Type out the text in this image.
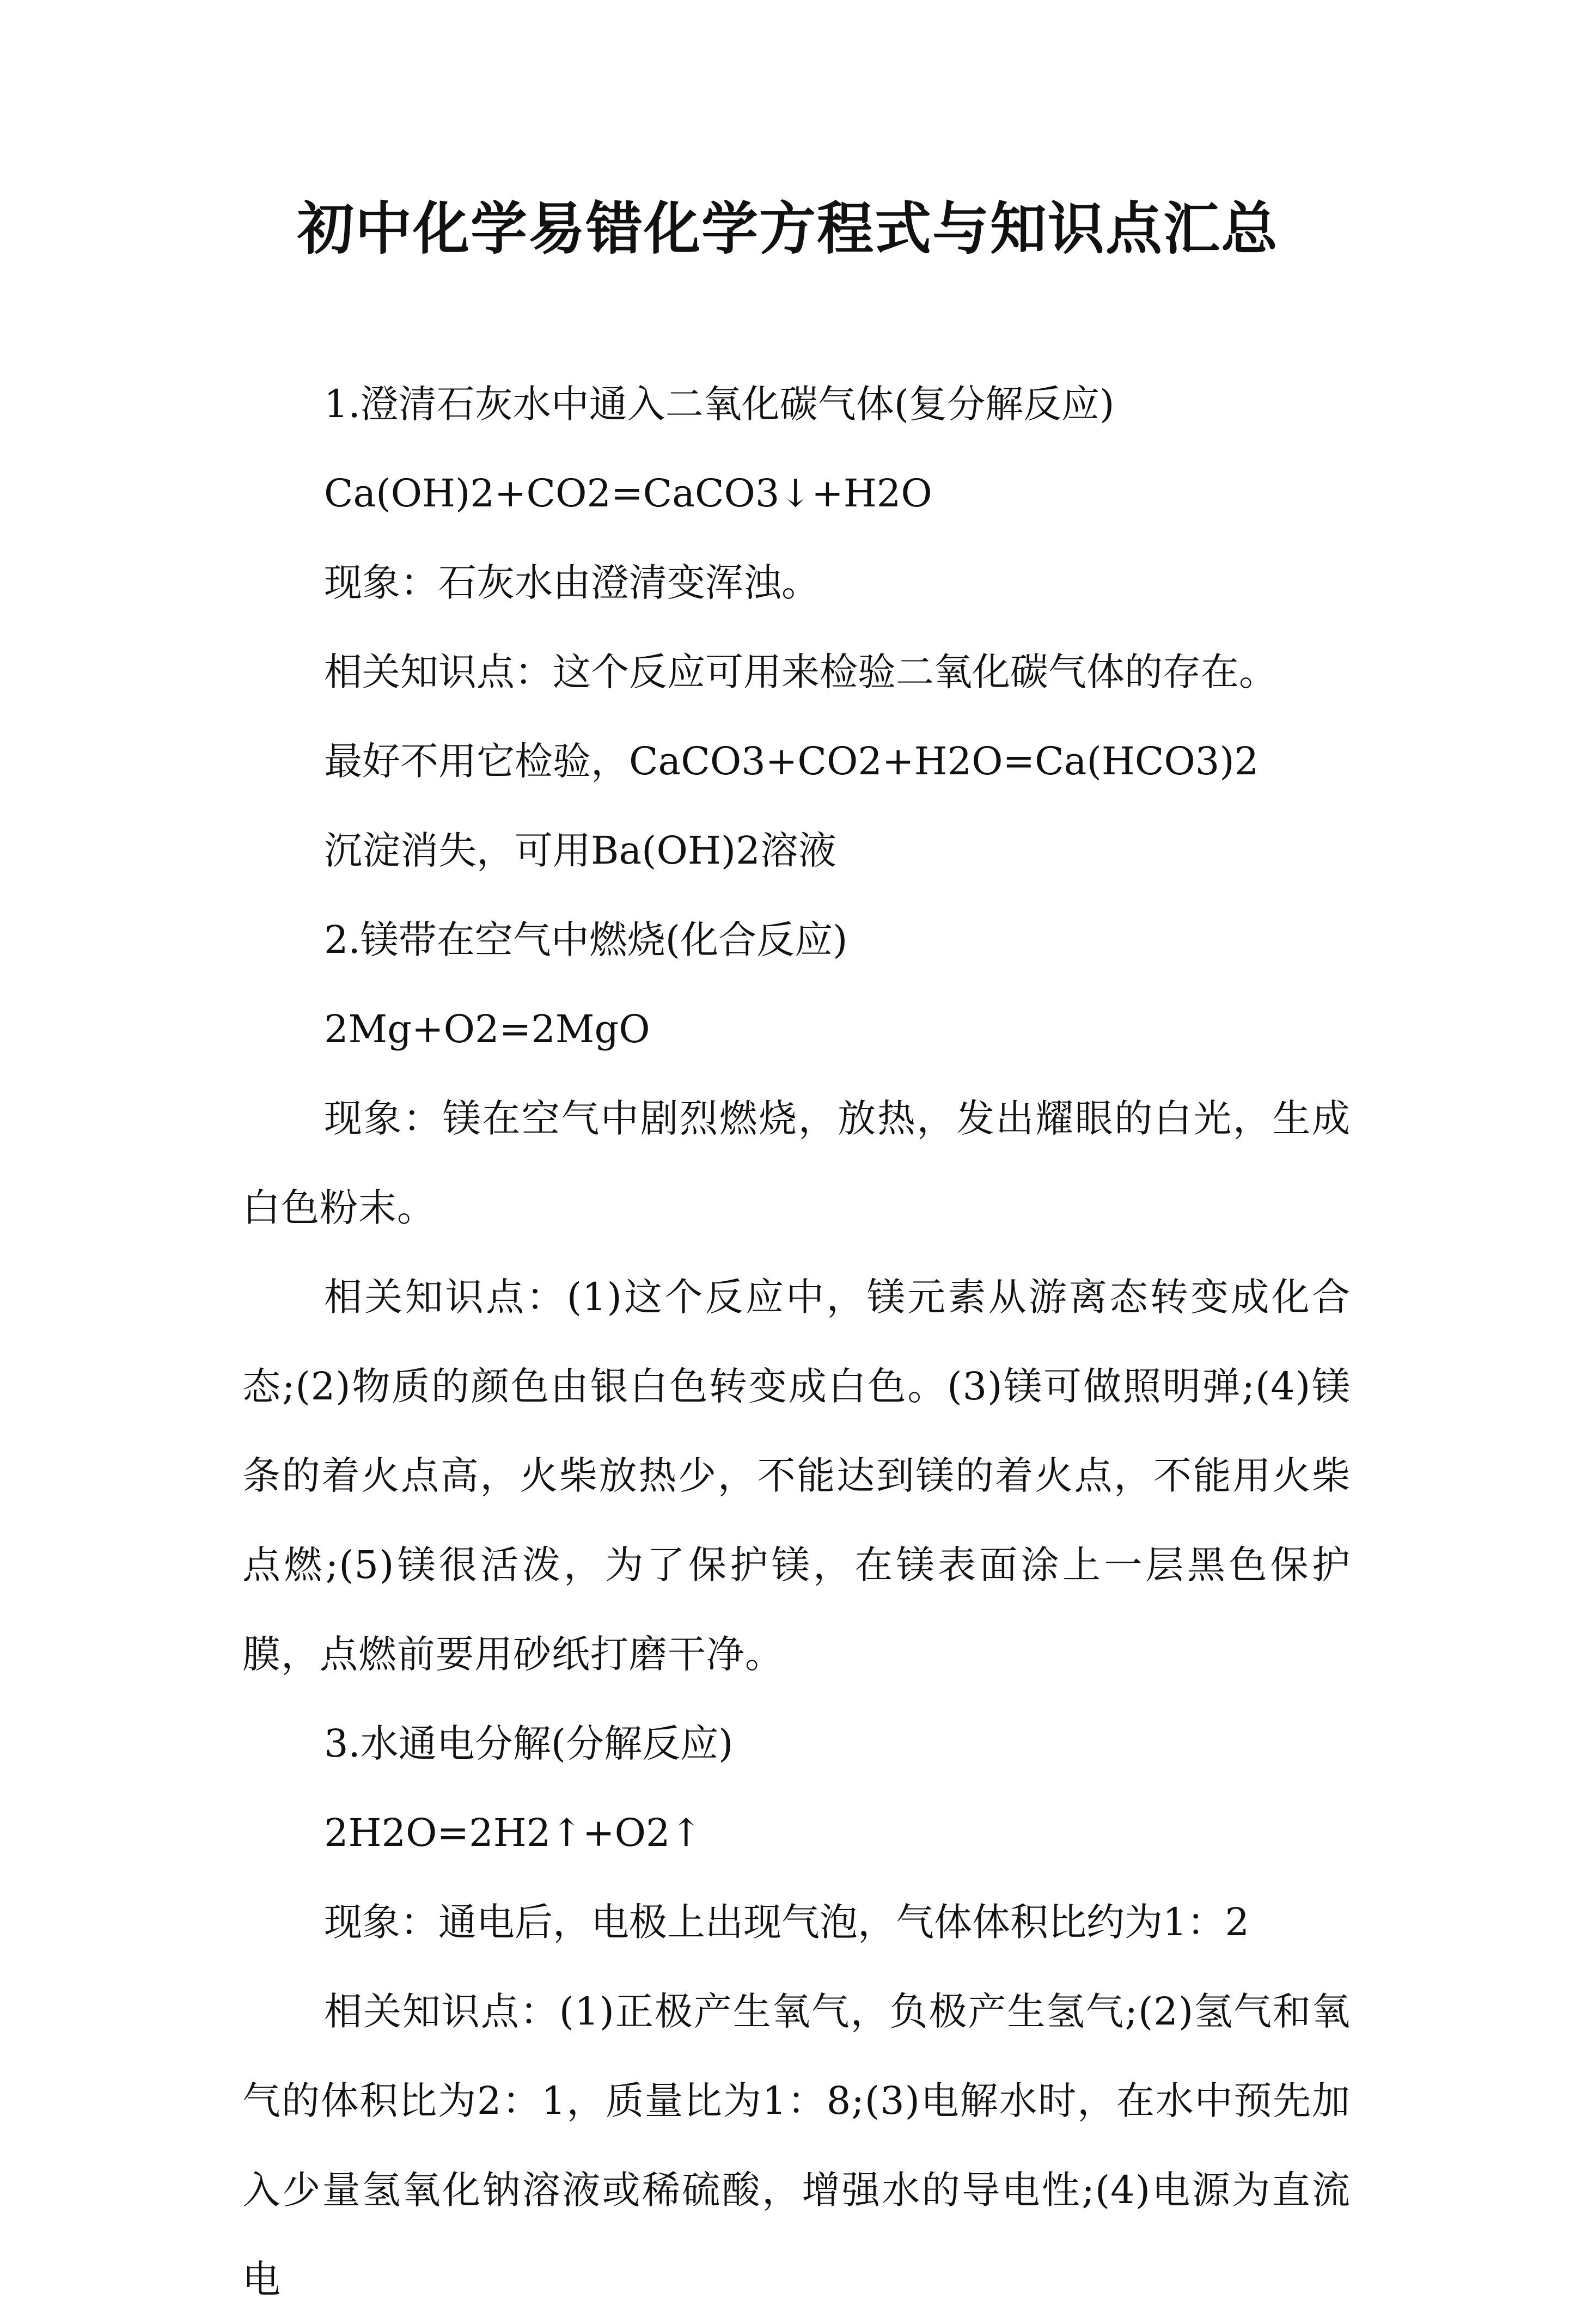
初中化学易错化学方程式与知识点汇总

1.澄清石灰水中通入二氧化碳气体(复分解反应)

Ca(OH)2+CO2=CaCO3↓+H2O

现象：石灰水由澄清变浑浊。

相关知识点：这个反应可用来检验二氧化碳气体的存在。

最好不用它检验，CaCO3+CO2+H2O=Ca(HCO3)2

沉淀消失，可用Ba(OH)2溶液

2.镁带在空气中燃烧(化合反应)

2Mg+O2=2MgO

现象：镁在空气中剧烈燃烧，放热，发出耀眼的白光，生成白色粉末。

相关知识点：(1)这个反应中，镁元素从游离态转变成化合态;(2)物质的颜色由银白色转变成白色。(3)镁可做照明弹;(4)镁条的着火点高，火柴放热少，不能达到镁的着火点，不能用火柴点燃;(5)镁很活泼，为了保护镁，在镁表面涂上一层黑色保护膜，点燃前要用砂纸打磨干净。

3.水通电分解(分解反应)

2H2O=2H2↑+O2↑

现象：通电后，电极上出现气泡，气体体积比约为1：2

相关知识点：(1)正极产生氧气，负极产生氢气;(2)氢气和氧气的体积比为2：1，质量比为1：8;(3)电解水时，在水中预先加入少量氢氧化钠溶液或稀硫酸，增强水的导电性;(4)电源为直流电
